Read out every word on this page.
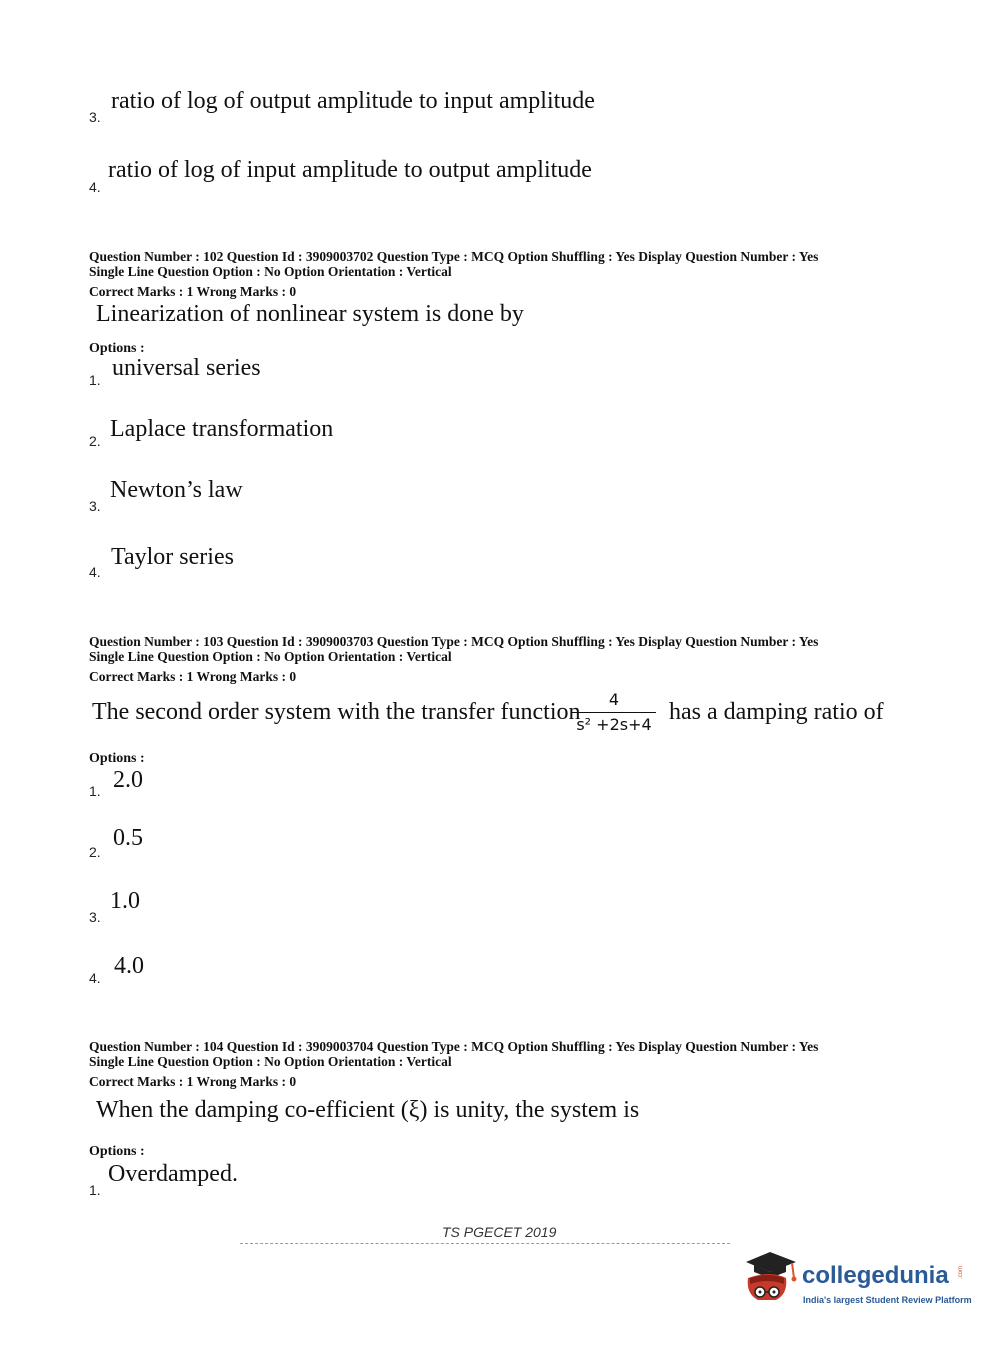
3.
ratio of log of output amplitude to input amplitude
4.
ratio of log of input amplitude to output amplitude
Question Number : 102 Question Id : 3909003702 Question Type : MCQ Option Shuffling : Yes Display Question Number : Yes
Single Line Question Option : No Option Orientation : Vertical
Correct Marks : 1 Wrong Marks : 0
Linearization of nonlinear system is done by
Options :
1. universal series
2. Laplace transformation
3.
Newton’s law
4.
Taylor series
Question Number : 103 Question Id : 3909003703 Question Type : MCQ Option Shuffling : Yes Display Question Number : Yes
Single Line Question Option : No Option Orientation : Vertical
Correct Marks : 1 Wrong Marks : 0
The second order system with the transfer function	4
s² +2s+4 has a damping ratio of
Options :
1. 2.0
2.
0.5
3.
1.0
4. 4.0
Question Number : 104 Question Id : 3909003704 Question Type : MCQ Option Shuffling : Yes Display Question Number : Yes
Single Line Question Option : No Option Orientation : Vertical
Correct Marks : 1 Wrong Marks : 0
When the damping co-efficient (ξ) is unity, the system is
Options :
1.
Overdamped.
TS PGECET 2019
collegedunia .com
India's largest Student Review Platform
